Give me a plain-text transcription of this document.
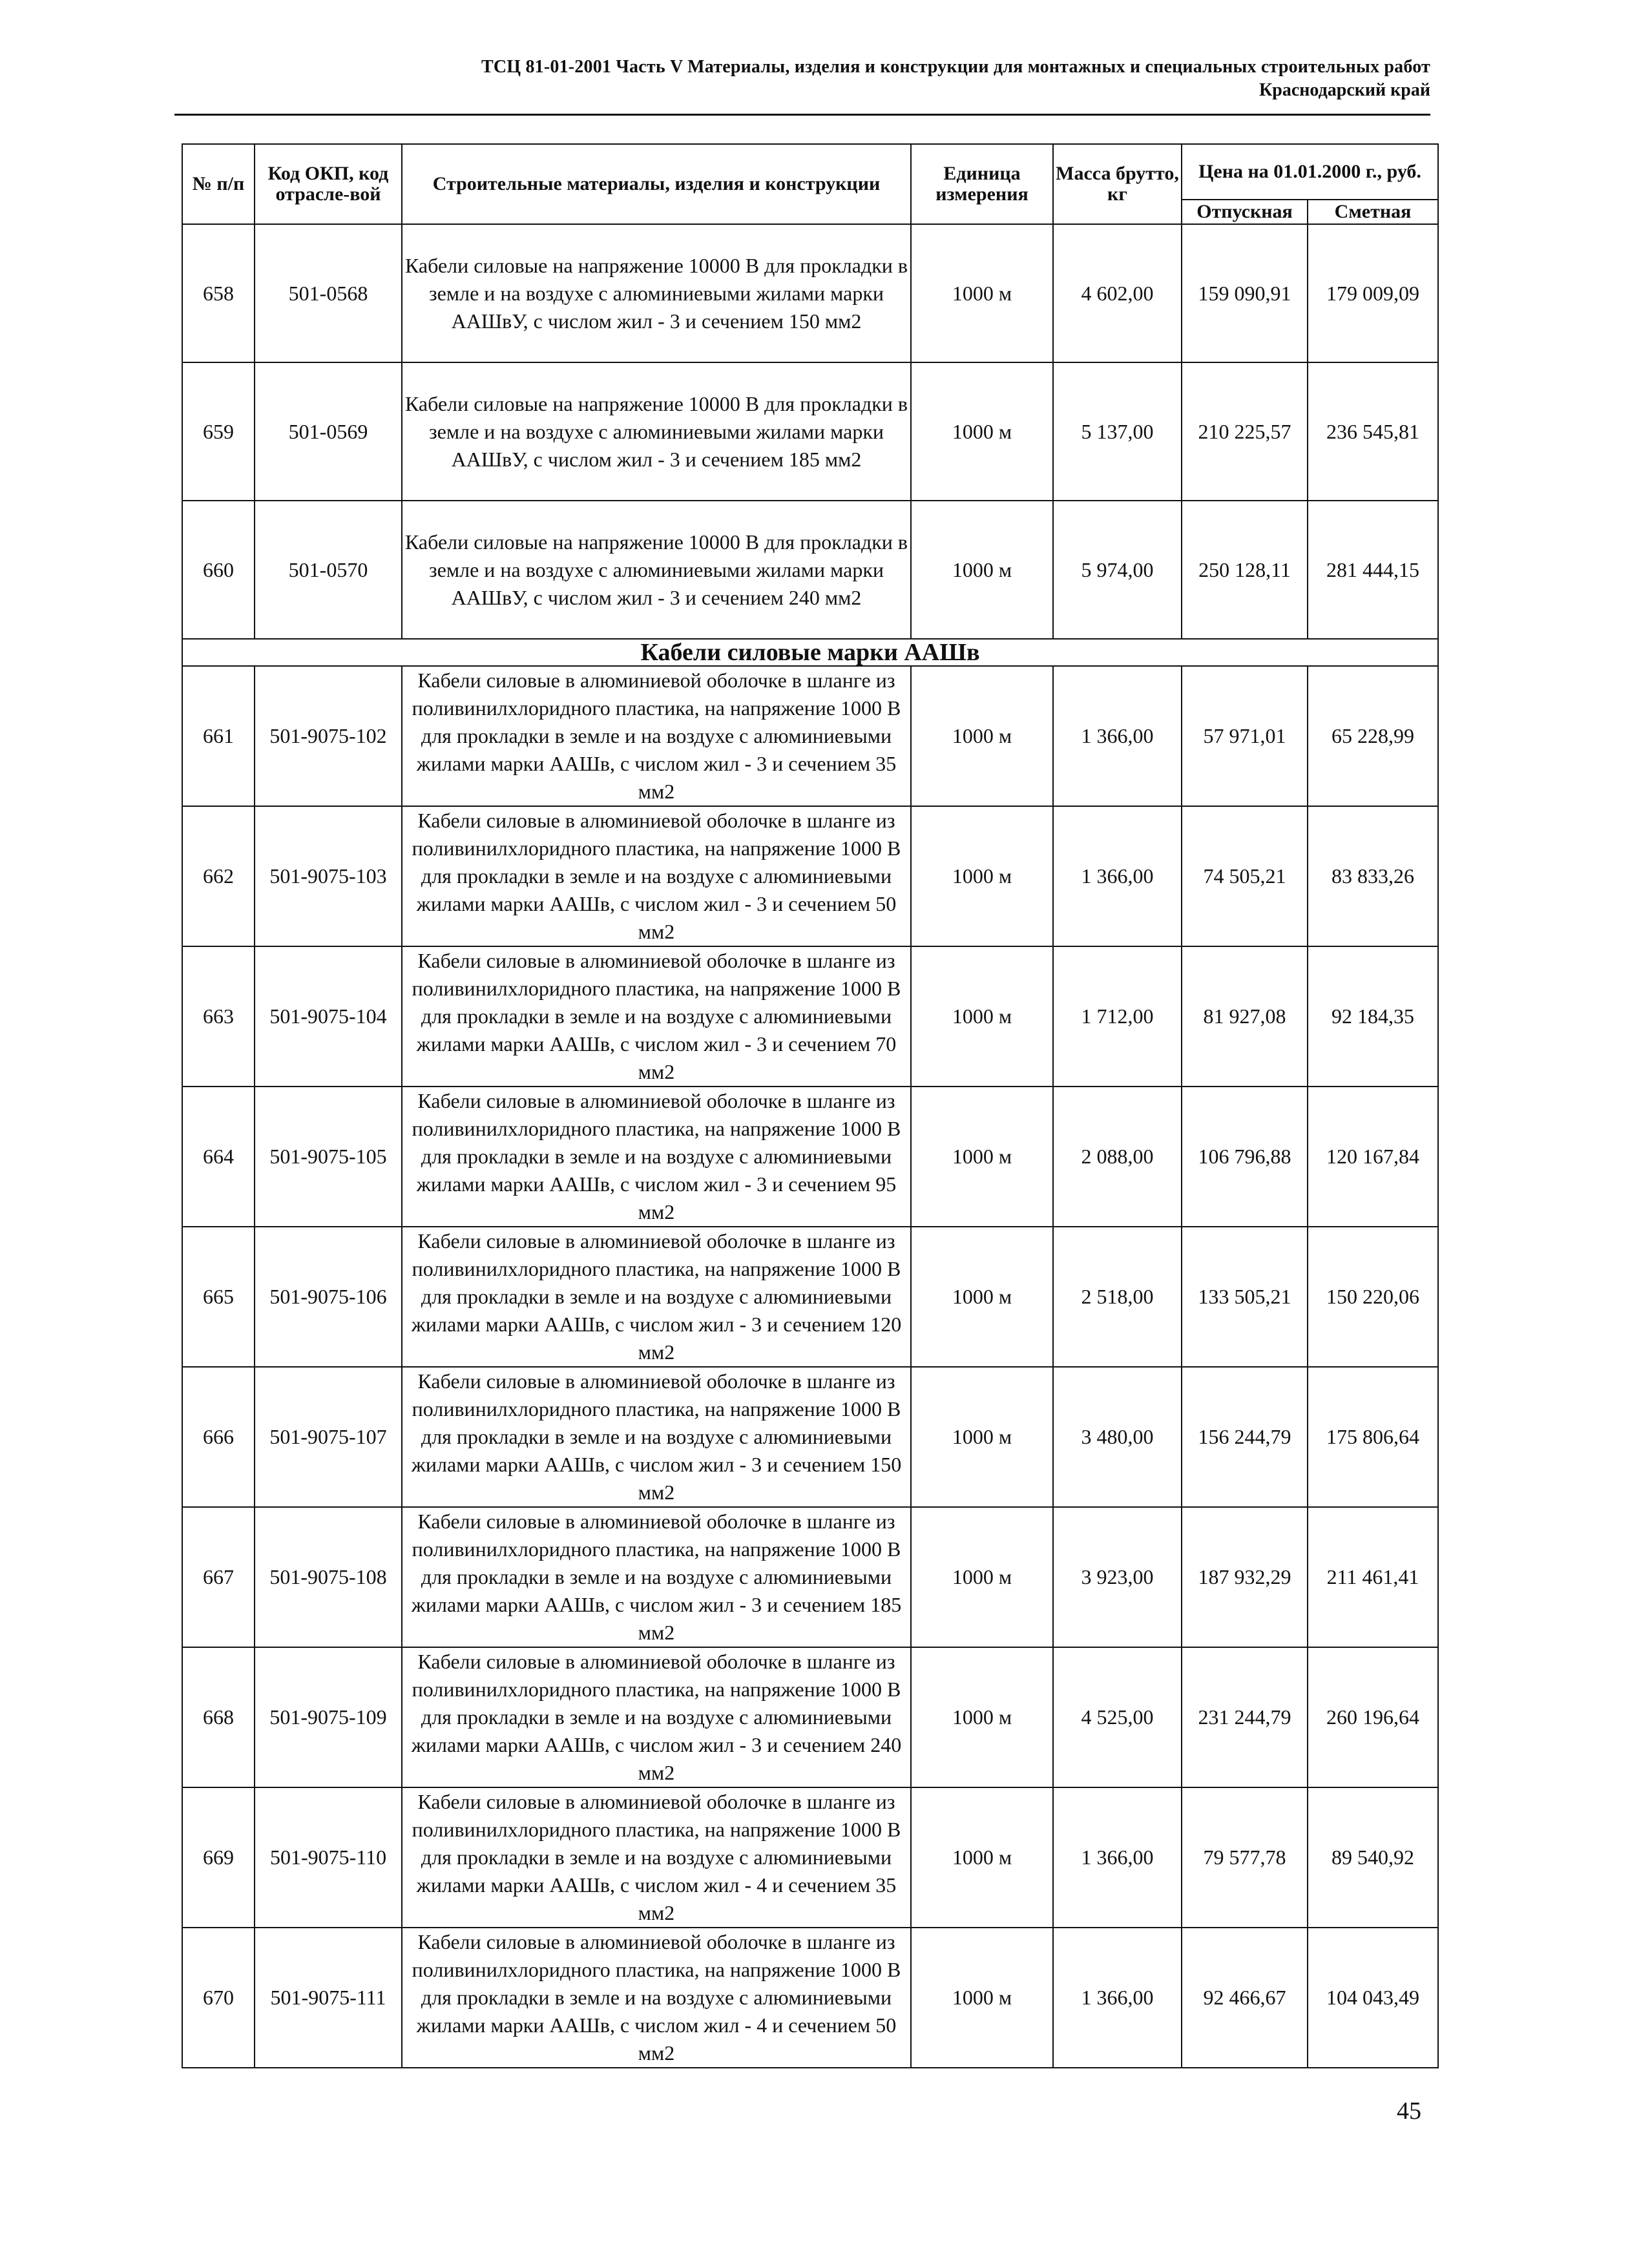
ТСЦ 81-01-2001 Часть V Материалы, изделия и конструкции для монтажных и специальных строительных работ
Краснодарский край
№ п/п	Код ОКП, код отрасле-вой	Строительные материалы, изделия и конструкции	Единица измерения	Масса брутто, кг	Цена на 01.01.2000 г., руб.	
					Отпускная	Сметная
658	501-0568	Кабели силовые на напряжение 10000 В для прокладки в земле и на воздухе с алюминиевыми жилами марки ААШвУ, с числом жил - 3 и сечением 150 мм2	1000 м	4 602,00	159 090,91	179 009,09
659	501-0569	Кабели силовые на напряжение 10000 В для прокладки в земле и на воздухе с алюминиевыми жилами марки ААШвУ, с числом жил - 3 и сечением 185 мм2	1000 м	5 137,00	210 225,57	236 545,81
660	501-0570	Кабели силовые на напряжение 10000 В для прокладки в земле и на воздухе с алюминиевыми жилами марки ААШвУ, с числом жил - 3 и сечением 240 мм2	1000 м	5 974,00	250 128,11	281 444,15
Кабели силовые марки ААШв						
661	501-9075-102	Кабели силовые в алюминиевой оболочке в шланге из поливинилхлоридного пластика, на напряжение 1000 В для прокладки в земле и на воздухе с алюминиевыми жилами марки ААШв, с числом жил - 3 и сечением 35 мм2	1000 м	1 366,00	57 971,01	65 228,99
662	501-9075-103	Кабели силовые в алюминиевой оболочке в шланге из поливинилхлоридного пластика, на напряжение 1000 В для прокладки в земле и на воздухе с алюминиевыми жилами марки ААШв, с числом жил - 3 и сечением 50 мм2	1000 м	1 366,00	74 505,21	83 833,26
663	501-9075-104	Кабели силовые в алюминиевой оболочке в шланге из поливинилхлоридного пластика, на напряжение 1000 В для прокладки в земле и на воздухе с алюминиевыми жилами марки ААШв, с числом жил - 3 и сечением 70 мм2	1000 м	1 712,00	81 927,08	92 184,35
664	501-9075-105	Кабели силовые в алюминиевой оболочке в шланге из поливинилхлоридного пластика, на напряжение 1000 В для прокладки в земле и на воздухе с алюминиевыми жилами марки ААШв, с числом жил - 3 и сечением 95 мм2	1000 м	2 088,00	106 796,88	120 167,84
665	501-9075-106	Кабели силовые в алюминиевой оболочке в шланге из поливинилхлоридного пластика, на напряжение 1000 В для прокладки в земле и на воздухе с алюминиевыми жилами марки ААШв, с числом жил - 3 и сечением 120 мм2	1000 м	2 518,00	133 505,21	150 220,06
666	501-9075-107	Кабели силовые в алюминиевой оболочке в шланге из поливинилхлоридного пластика, на напряжение 1000 В для прокладки в земле и на воздухе с алюминиевыми жилами марки ААШв, с числом жил - 3 и сечением 150 мм2	1000 м	3 480,00	156 244,79	175 806,64
667	501-9075-108	Кабели силовые в алюминиевой оболочке в шланге из поливинилхлоридного пластика, на напряжение 1000 В для прокладки в земле и на воздухе с алюминиевыми жилами марки ААШв, с числом жил - 3 и сечением 185 мм2	1000 м	3 923,00	187 932,29	211 461,41
668	501-9075-109	Кабели силовые в алюминиевой оболочке в шланге из поливинилхлоридного пластика, на напряжение 1000 В для прокладки в земле и на воздухе с алюминиевыми жилами марки ААШв, с числом жил - 3 и сечением 240 мм2	1000 м	4 525,00	231 244,79	260 196,64
669	501-9075-110	Кабели силовые в алюминиевой оболочке в шланге из поливинилхлоридного пластика, на напряжение 1000 В для прокладки в земле и на воздухе с алюминиевыми жилами марки ААШв, с числом жил - 4 и сечением 35 мм2	1000 м	1 366,00	79 577,78	89 540,92
670	501-9075-111	Кабели силовые в алюминиевой оболочке в шланге из поливинилхлоридного пластика, на напряжение 1000 В для прокладки в земле и на воздухе с алюминиевыми жилами марки ААШв, с числом жил - 4 и сечением 50 мм2	1000 м	1 366,00	92 466,67	104 043,49
45
